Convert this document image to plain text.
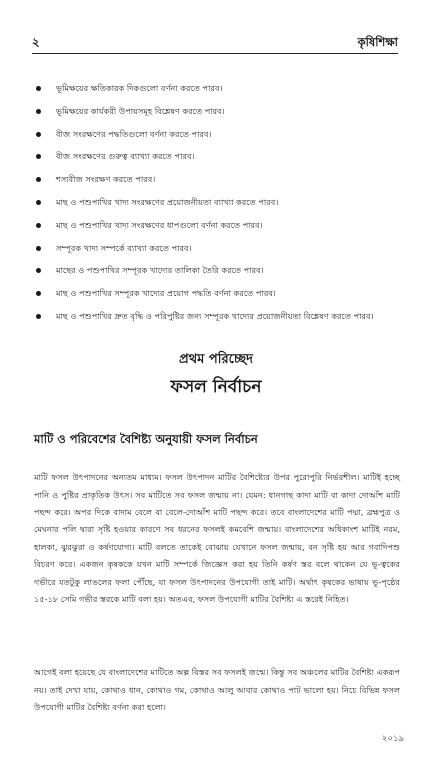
২	কৃষিশিক্ষা
ভূমিক্ষয়ের ক্ষতিকারক দিকগুলো বর্ণনা করতে পারব।
ভূমিক্ষয়ের কার্যকরী উপায়সমূহ বিশ্লেষণ করতে পারব।
বীজ সংরক্ষণের পদ্ধতিগুলো বর্ণনা করতে পারব।
বীজ সংরক্ষণের গুরুত্ব ব্যাখ্যা করতে পারব।
শস্যবীজ সংরক্ষণ করতে পারব।
মাছ ও পশুপাখির খাদ্য সংরক্ষণের প্রয়োজনীয়তা ব্যাখ্যা করতে পারব।
মাছ ও পশুপাখির খাদ্য সংরক্ষণের ধাপগুলো বর্ণনা করতে পারব।
সম্পূরক খাদ্য সম্পর্কে ব্যাখ্যা করতে পারব।
মাছের ও পশুপাখির সম্পূরক খাদ্যের তালিকা তৈরি করতে পারব।
মাছ ও পশুপাখির সম্পূরক খাদ্যের প্রয়োগ পদ্ধতি বর্ণনা করতে পারব।
মাছ ও পশুপাখির দ্রুত বৃদ্ধি ও পরিপুষ্টির জন্য সম্পূরক খাদ্যের প্রয়োজনীয়তা বিশ্লেষণ করতে পারব।
প্রথম পরিচ্ছেদ
ফসল নির্বাচন
মাটি ও পরিবেশের বৈশিষ্ট্য অনুযায়ী ফসল নির্বাচন

মাটি ফসল উৎপাদনের অন্যতম মাধ্যম। ফসল উৎপাদন মাটির বৈশিষ্ট্যের উপর পুরোপুরি নির্ভরশীল। মাটিই হচ্ছে পানি ও পুষ্টির প্রাকৃতিক উৎস। সব মাটিতে সব ফসল জন্মায় না। যেমন: ধানগাছ কাদা মাটি বা কাদা দোআঁশ মাটি পছন্দ করে। অপর দিকে বাদাম বেলে বা বেলে-দোআঁশ মাটি পছন্দ করে। তবে বাংলাদেশের মাটি পদ্মা, ব্রহ্মপুত্র ও মেঘনার পলি দ্বারা সৃষ্টি হওয়ার কারণে সব ধরনের ফসলই কমবেশি জন্মায়। বাংলাদেশের অধিকাংশ মাটিই নরম, হালকা, ঝুরঝুরা ও কর্ষণযোগ্য। মাটি বলতে তাকেই বোঝায় যেখানে ফসল জন্মায়, বন সৃষ্টি হয় আর গবাদিপশু বিচরণ করে। একজন কৃষককে যখন মাটি সম্পর্কে জিজ্ঞেস করা হয় তিনি কর্ষণ স্তর বলে থাকেন যে ভূ-ত্বকের গভীরে যতটুকু লাঙলের ফলা পৌঁছে, যা ফসল উৎপাদনের উপযোগী তাই মাটি। অর্থাৎ কৃষকের ভাষায় ভূ-পৃষ্ঠের ১৫-১৮ সেমি গভীর স্তরকে মাটি বলা হয়। অতএব, ফসল উপযোগী মাটির বৈশিষ্ট্য এ স্তরেই নিহিত।

আগেই বলা হয়েছে যে বাংলাদেশের মাটিতে অল্প বিস্তর সব ফসলই জন্মে। কিন্তু সব অঞ্চলের মাটির বৈশিষ্ট্য একরূপ নয়। তাই দেখা যায়, কোথাও ধান, কোথাও গম, কোথাও আলু আবার কোথাও পাট ভালো হয়। নিচে বিভিন্ন ফসল উপযোগী মাটির বৈশিষ্ট্য বর্ণনা করা হলো।

২০১৯
